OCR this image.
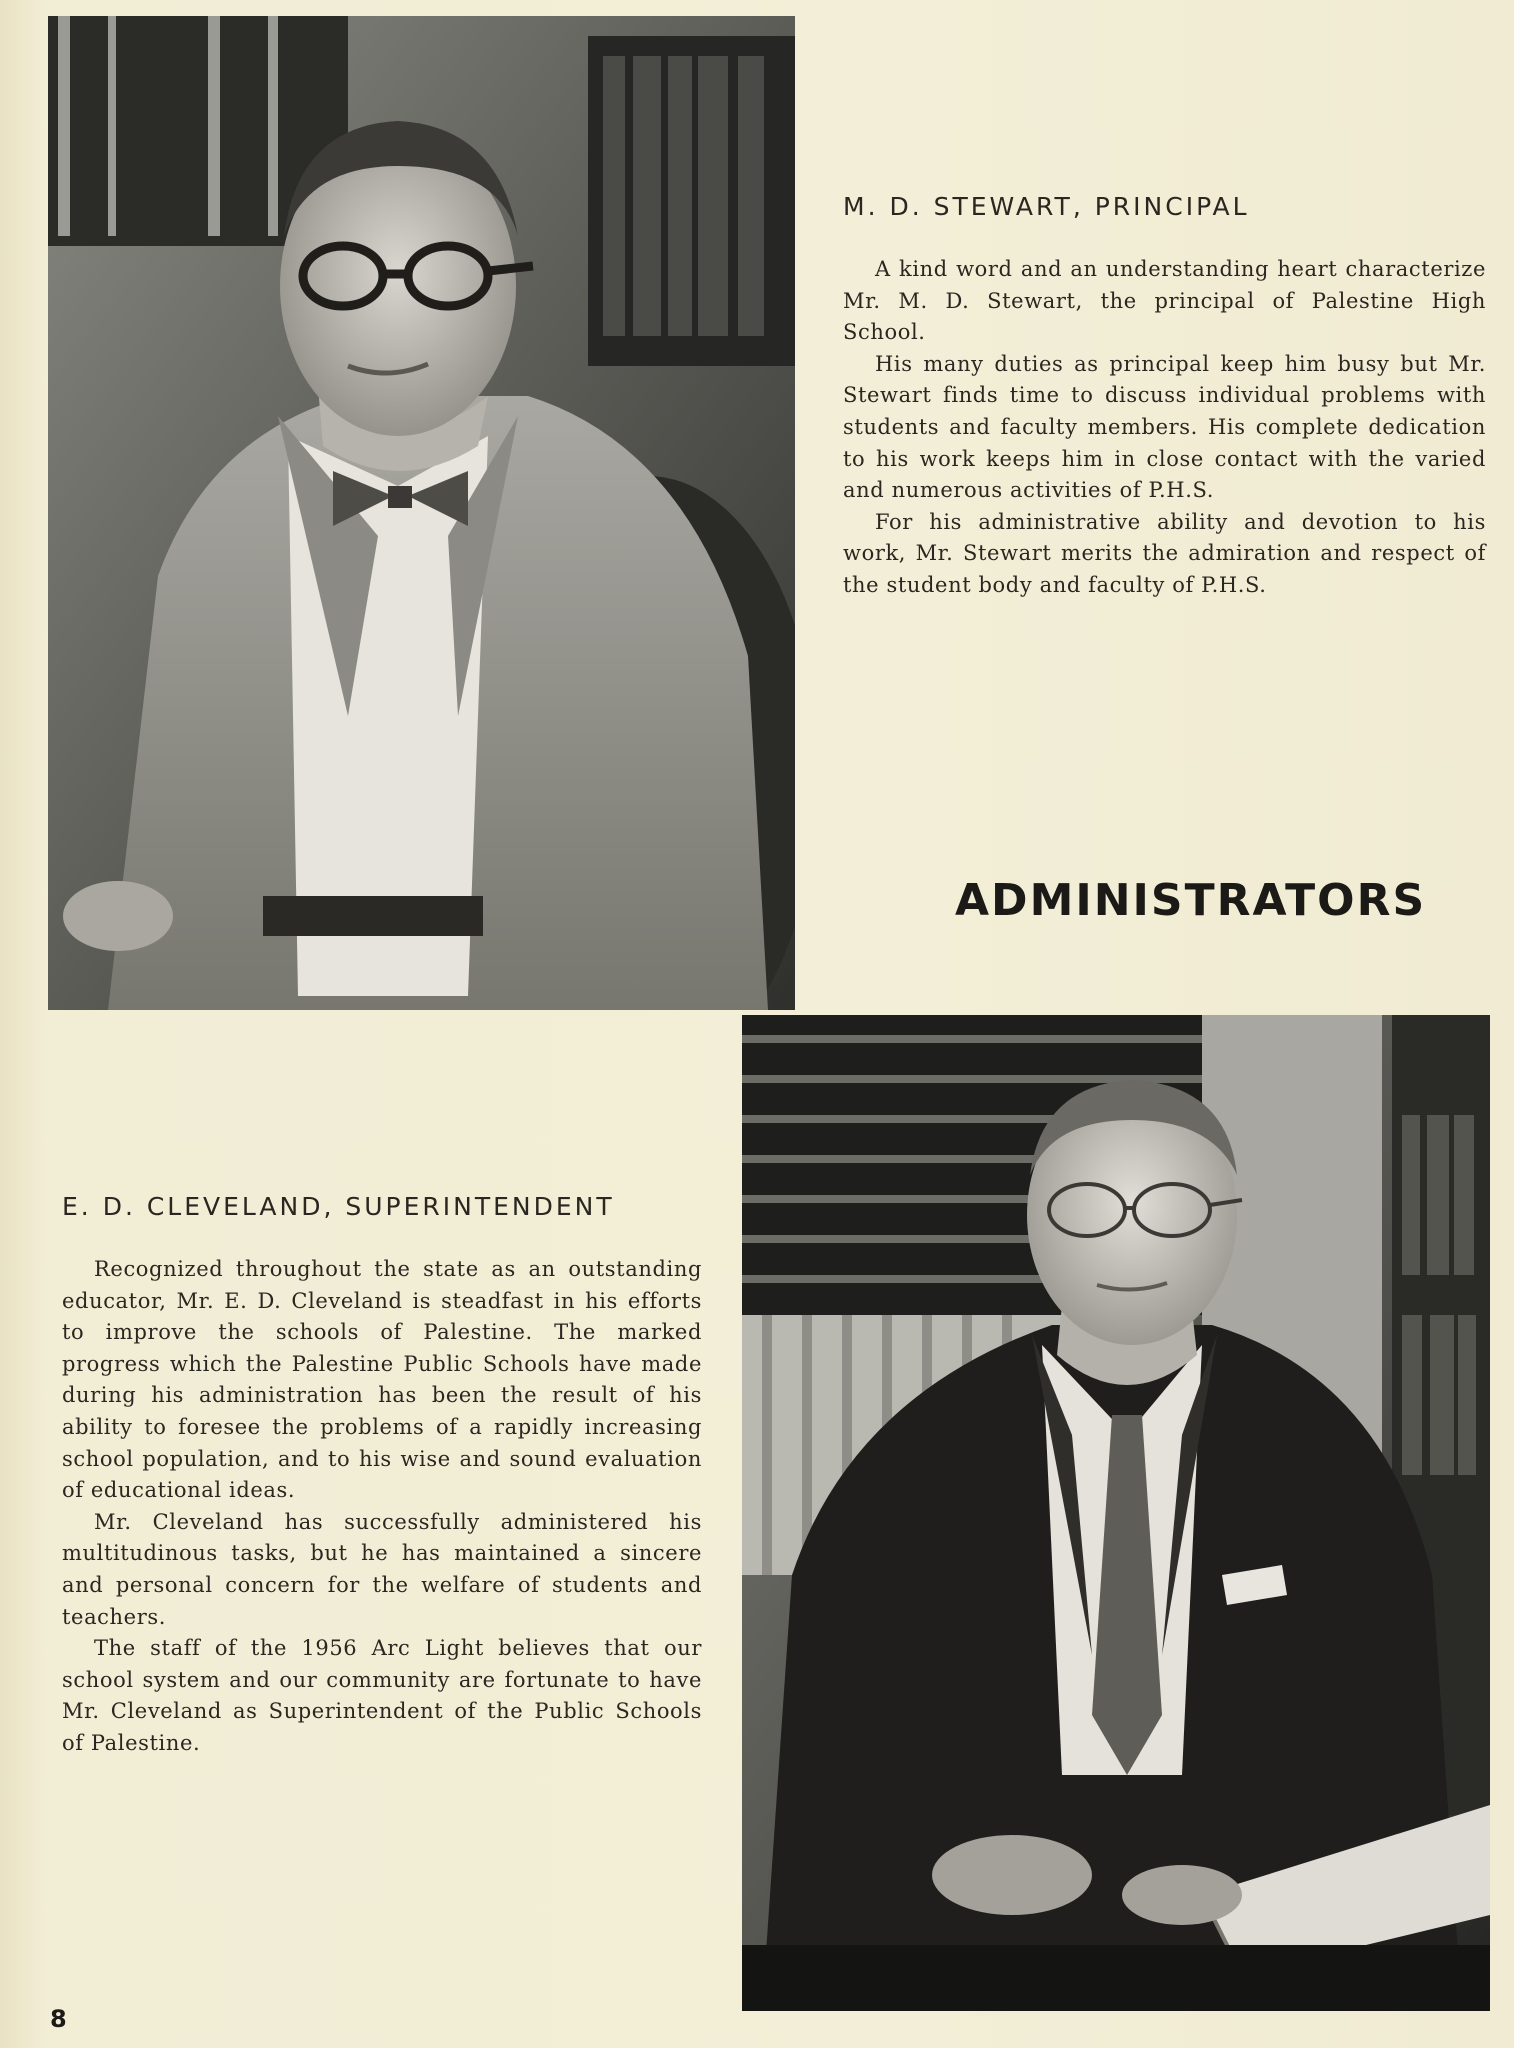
M. D. STEWART, PRINCIPAL

A kind word and an understanding heart characterize Mr. M. D. Stewart, the principal of Palestine High School.

His many duties as principal keep him busy but Mr. Stewart finds time to discuss individual problems with students and faculty members. His complete dedication to his work keeps him in close contact with the varied and numerous activities of P.H.S.

For his administrative ability and devotion to his work, Mr. Stewart merits the admiration and respect of the student body and faculty of P.H.S.

ADMINISTRATORS
E. D. CLEVELAND, SUPERINTENDENT

Recognized throughout the state as an outstanding educator, Mr. E. D. Cleveland is steadfast in his efforts to improve the schools of Palestine. The marked progress which the Palestine Public Schools have made during his administration has been the result of his ability to foresee the problems of a rapidly increasing school population, and to his wise and sound evaluation of educational ideas.

Mr. Cleveland has successfully administered his multitudinous tasks, but he has maintained a sincere and personal concern for the welfare of students and teachers.

The staff of the 1956 Arc Light believes that our school system and our community are fortunate to have Mr. Cleveland as Superintendent of the Public Schools of Palestine.

8
